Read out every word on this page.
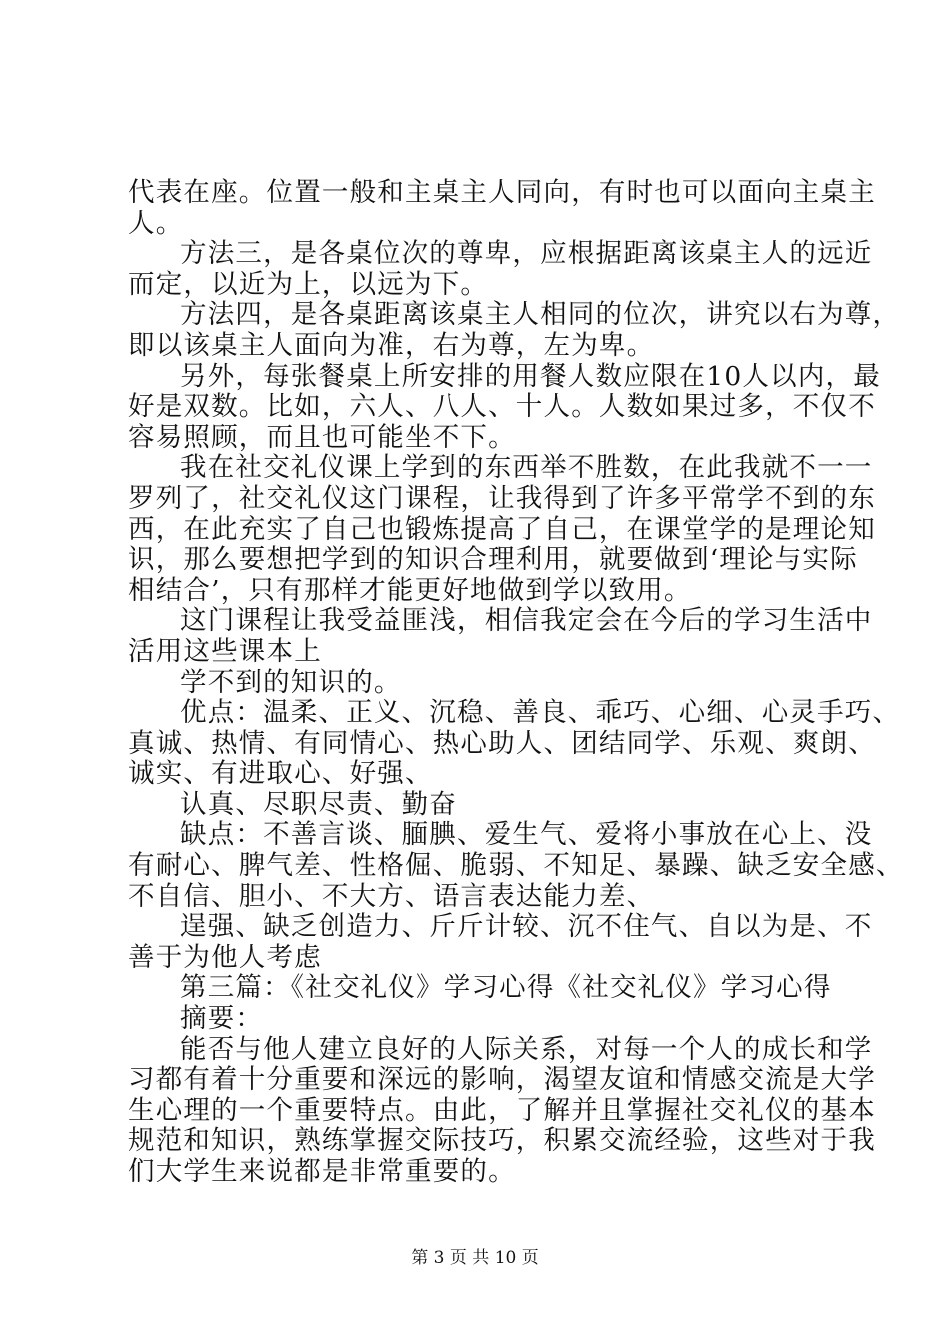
代表在座。位置一般和主桌主人同向，有时也可以面向主桌主
人。
方法三，是各桌位次的尊卑，应根据距离该桌主人的远近
而定，以近为上，以远为下。
方法四，是各桌距离该桌主人相同的位次，讲究以右为尊，
即以该桌主人面向为准，右为尊，左为卑。
另外，每张餐桌上所安排的用餐人数应限在10人以内，最
好是双数。比如，六人、八人、十人。人数如果过多，不仅不
容易照顾，而且也可能坐不下。
我在社交礼仪课上学到的东西举不胜数，在此我就不一一
罗列了，社交礼仪这门课程，让我得到了许多平常学不到的东
西，在此充实了自己也锻炼提高了自己，在课堂学的是理论知
识，那么要想把学到的知识合理利用，就要做到‘理论与实际
相结合’，只有那样才能更好地做到学以致用。
这门课程让我受益匪浅，相信我定会在今后的学习生活中
活用这些课本上
学不到的知识的。
优点：温柔、正义、沉稳、善良、乖巧、心细、心灵手巧、
真诚、热情、有同情心、热心助人、团结同学、乐观、爽朗、
诚实、有进取心、好强、
认真、尽职尽责、勤奋
缺点：不善言谈、腼腆、爱生气、爱将小事放在心上、没
有耐心、脾气差、性格倔、脆弱、不知足、暴躁、缺乏安全感、
不自信、胆小、不大方、语言表达能力差、
逞强、缺乏创造力、斤斤计较、沉不住气、自以为是、不
善于为他人考虑
第三篇：《社交礼仪》学习心得《社交礼仪》学习心得
摘要：
能否与他人建立良好的人际关系，对每一个人的成长和学
习都有着十分重要和深远的影响，渴望友谊和情感交流是大学
生心理的一个重要特点。由此，了解并且掌握社交礼仪的基本
规范和知识，熟练掌握交际技巧，积累交流经验，这些对于我
们大学生来说都是非常重要的。
第 3 页 共 10 页
